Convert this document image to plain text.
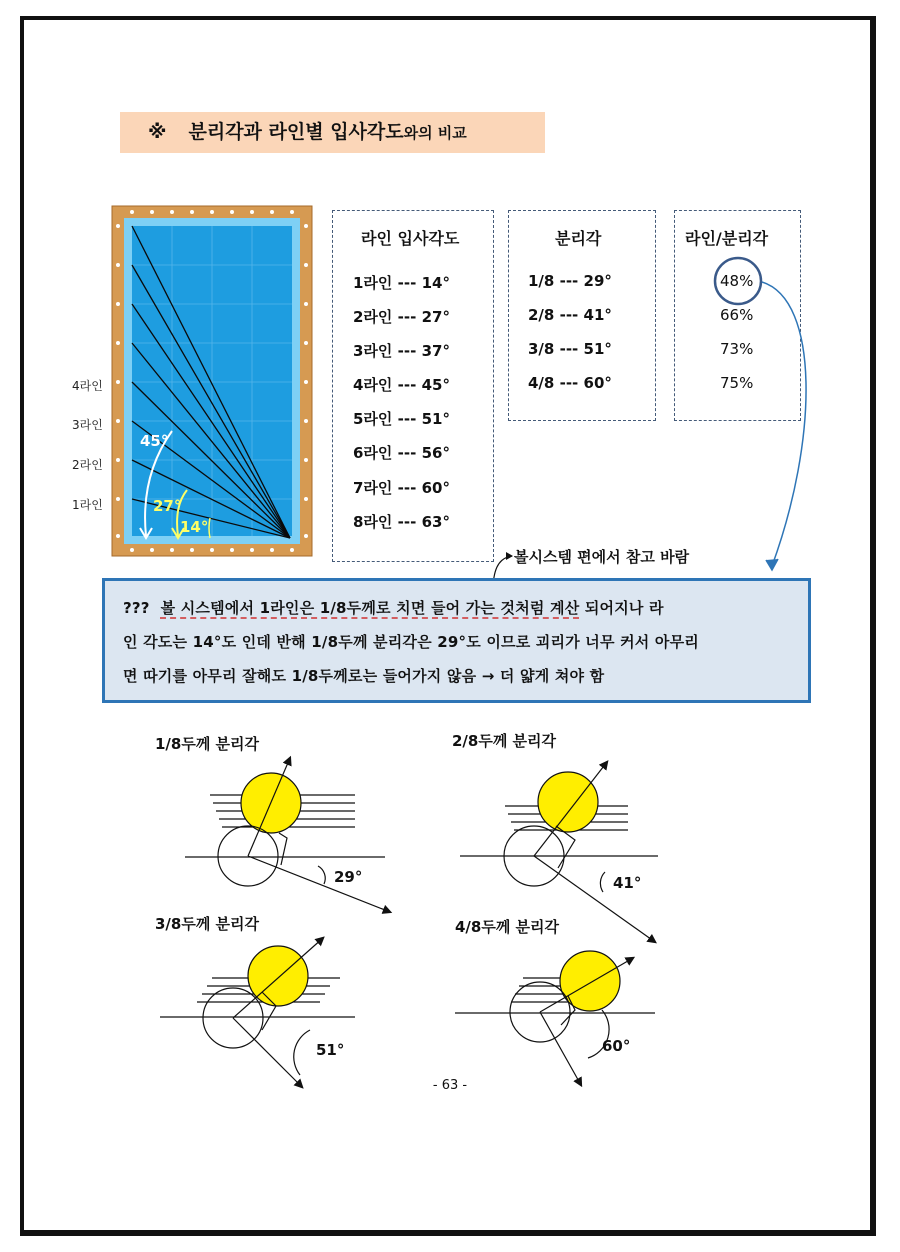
※ 분리각과 라인별 입사각도와의 비교
45°
27°
14°
4라인
3라인
2라인
1라인
라인 입사각도
1라인 --- 14°
2라인 --- 27°
3라인 --- 37°
4라인 --- 45°
5라인 --- 51°
6라인 --- 56°
7라인 --- 60°
8라인 --- 63°
분리각
1/8 --- 29°
2/8 --- 41°
3/8 --- 51°
4/8 --- 60°
라인/분리각
48%
66%
73%
75%
볼시스템 편에서 참고 바람
??? 볼 시스템에서 1라인은 1/8두께로 치면 들어 가는 것처럼 계산 되어지나 라
인 각도는 14°도 인데 반해 1/8두께 분리각은 29°도 이므로 괴리가 너무 커서 아무리
면 따기를 아무리 잘해도 1/8두께로는 들어가지 않음 → 더 얇게 쳐야 함
1/8두께 분리각	2/8두께 분리각
3/8두께 분리각	4/8두께 분리각
29°	41°
51°	60°
- 63 -
